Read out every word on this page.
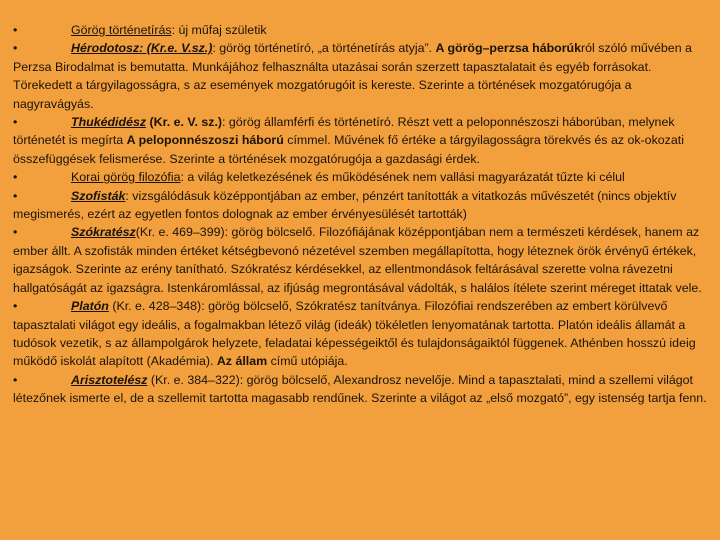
•	Görög történetírás: új műfaj születik

•	Hérodotosz: (Kr.e. V.sz.): görög történetíró, „a történetírás atyja”. A görög–perzsa háborúkról szóló művében a Perzsa Birodalmat is bemutatta. Munkájához felhasználta utazásai során szerzett tapasztalatait és egyéb forrásokat. Törekedett a tárgyilagosságra, s az események mozgatórugóit is kereste. Szerinte a történések mozgatórugója a nagyravágyás.

•	Thukédidész (Kr. e. V. sz.): görög államférfi és történetíró. Részt vett a peloponnészoszi háborúban, melynek történetét is megírta A peloponnészoszi háború címmel. Művének fő értéke a tárgyilagosságra törekvés és az ok-okozati összefüggések felismerése. Szerinte a történések mozgatórugója a gazdasági érdek.

•	Korai görög filozófia: a világ keletkezésének és működésének nem vallási magyarázatát tűzte ki célul

•	Szofisták: vizsgálódásuk középpontjában az ember, pénzért tanították a vitatkozás művészetét (nincs objektív megismerés, ezért az egyetlen fontos dolognak az ember érvényesülését tartották)

•	Szókratész(Kr. e. 469–399): görög bölcselő. Filozófiájának középpontjában nem a természeti kérdések, hanem az ember állt. A szofisták minden értéket kétségbevonó nézetével szemben megállapította, hogy léteznek örök érvényű értékek, igazságok. Szerinte az erény tanítható. Szókratész kérdésekkel, az ellentmondások feltárásával szerette volna rávezetni hallgatóságát az igazságra. Istenkáromlással, az ifjúság megrontásával vádolták, s halálos ítélete szerint méreget ittatak vele.

•	Platón (Kr. e. 428–348): görög bölcselő, Szókratész tanítványa. Filozófiai rendszerében az embert körülvevő tapasztalati világot egy ideális, a fogalmakban létező világ (ideák) tökéletlen lenyomatának tartotta. Platón ideális államát a tudósok vezetik, s az állampolgárok helyzete, feladatai képességeiktől és tulajdonságaiktól függenek. Athénben hosszú ideig működő iskolát alapított (Akadémia). Az állam című utópiája.

•	Arisztotelész (Kr. e. 384–322): görög bölcselő, Alexandrosz nevelője. Mind a tapasztalati, mind a szellemi világot létezőnek ismerte el, de a szellemit tartotta magasabb rendűnek. Szerinte a világot az „első mozgató”, egy istenség tartja fenn.
